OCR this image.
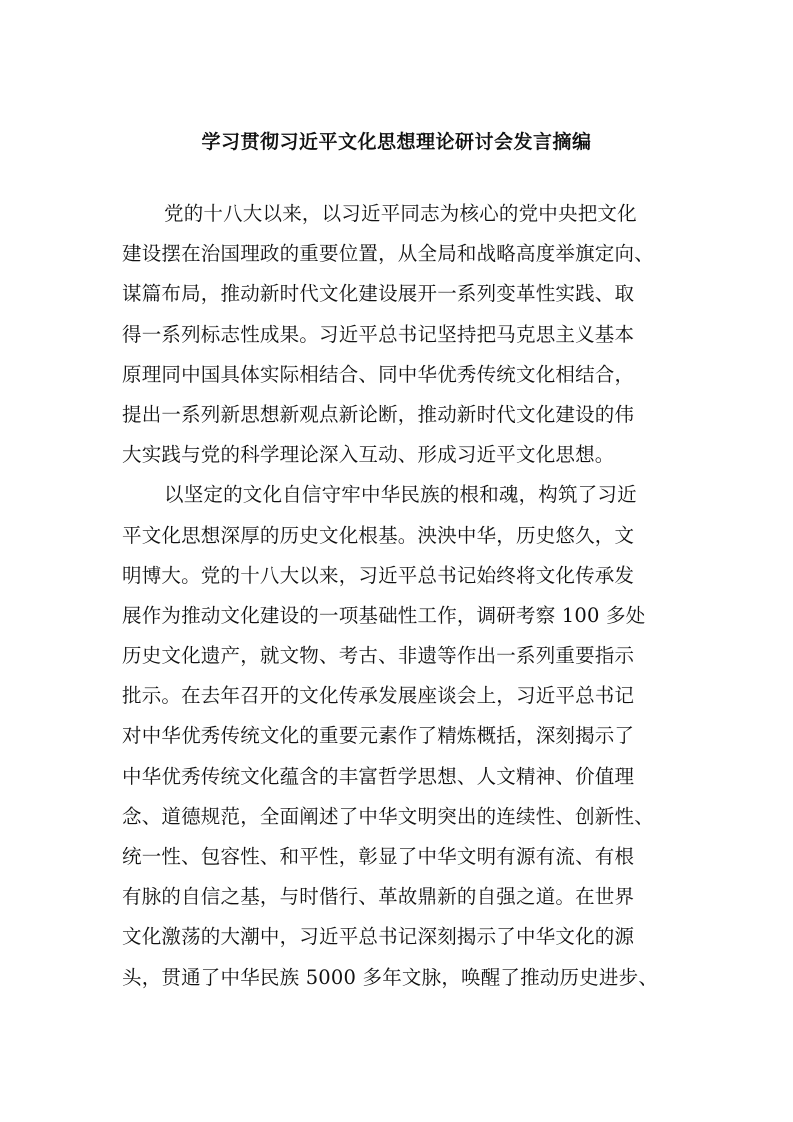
学习贯彻习近平文化思想理论研讨会发言摘编
党的十八大以来，以习近平同志为核心的党中央把文化
建设摆在治国理政的重要位置，从全局和战略高度举旗定向、
谋篇布局，推动新时代文化建设展开一系列变革性实践、取
得一系列标志性成果。习近平总书记坚持把马克思主义基本
原理同中国具体实际相结合、同中华优秀传统文化相结合，
提出一系列新思想新观点新论断，推动新时代文化建设的伟
大实践与党的科学理论深入互动、形成习近平文化思想。
以坚定的文化自信守牢中华民族的根和魂，构筑了习近
平文化思想深厚的历史文化根基。泱泱中华，历史悠久，文
明博大。党的十八大以来，习近平总书记始终将文化传承发
展作为推动文化建设的一项基础性工作，调研考察 100 多处
历史文化遗产，就文物、考古、非遗等作出一系列重要指示
批示。在去年召开的文化传承发展座谈会上，习近平总书记
对中华优秀传统文化的重要元素作了精炼概括，深刻揭示了
中华优秀传统文化蕴含的丰富哲学思想、人文精神、价值理
念、道德规范，全面阐述了中华文明突出的连续性、创新性、
统一性、包容性、和平性，彰显了中华文明有源有流、有根
有脉的自信之基，与时偕行、革故鼎新的自强之道。在世界
文化激荡的大潮中，习近平总书记深刻揭示了中华文化的源
头，贯通了中华民族 5000 多年文脉，唤醒了推动历史进步、
